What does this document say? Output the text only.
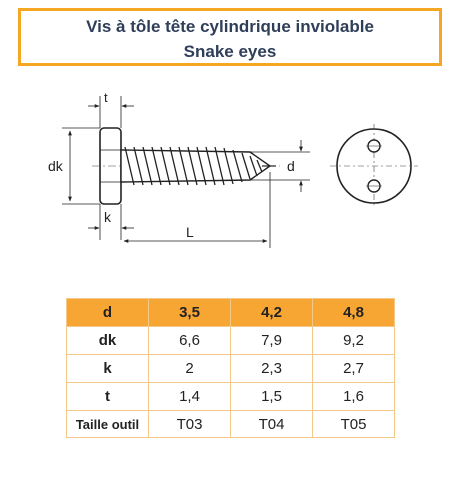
Vis à tôle tête cylindrique inviolable
Snake eyes
t
dk
k
L
d
d	3,5	4,2	4,8
dk	6,6	7,9	9,2
k	2	2,3	2,7
t	1,4	1,5	1,6
Taille outil	T03	T04	T05
